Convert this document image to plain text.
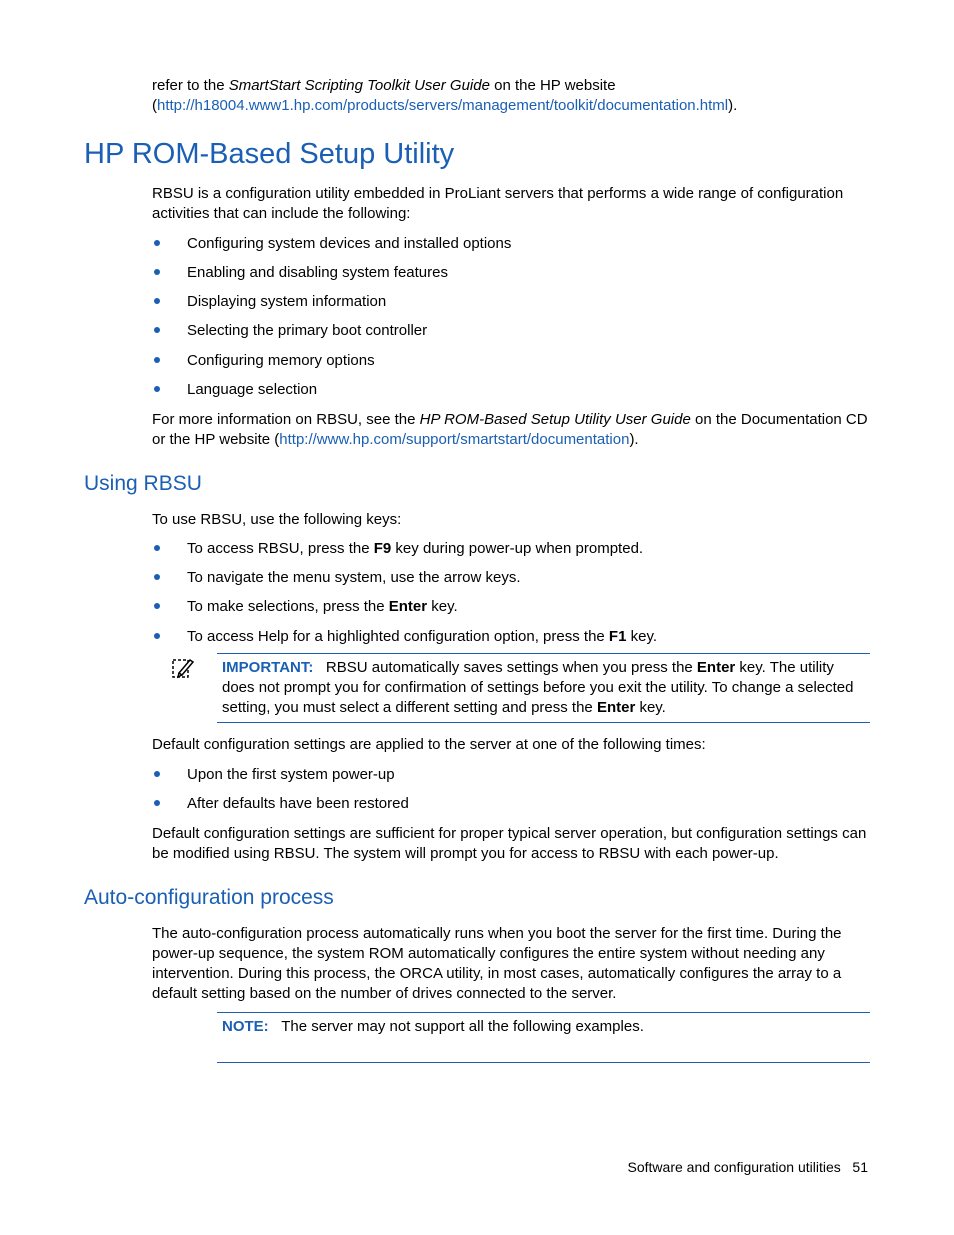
refer to the SmartStart Scripting Toolkit User Guide on the HP website
(http://h18004.www1.hp.com/products/servers/management/toolkit/documentation.html).
HP ROM-Based Setup Utility
RBSU is a configuration utility embedded in ProLiant servers that performs a wide range of configuration activities that can include the following:
Configuring system devices and installed options
Enabling and disabling system features
Displaying system information
Selecting the primary boot controller
Configuring memory options
Language selection
For more information on RBSU, see the HP ROM-Based Setup Utility User Guide on the Documentation CD or the HP website (http://www.hp.com/support/smartstart/documentation).
Using RBSU
To use RBSU, use the following keys:
To access RBSU, press the F9 key during power-up when prompted.
To navigate the menu system, use the arrow keys.
To make selections, press the Enter key.
To access Help for a highlighted configuration option, press the F1 key.
IMPORTANT: RBSU automatically saves settings when you press the Enter key. The utility does not prompt you for confirmation of settings before you exit the utility. To change a selected setting, you must select a different setting and press the Enter key.
Default configuration settings are applied to the server at one of the following times:
Upon the first system power-up
After defaults have been restored
Default configuration settings are sufficient for proper typical server operation, but configuration settings can be modified using RBSU. The system will prompt you for access to RBSU with each power-up.
Auto-configuration process
The auto-configuration process automatically runs when you boot the server for the first time. During the power-up sequence, the system ROM automatically configures the entire system without needing any intervention. During this process, the ORCA utility, in most cases, automatically configures the array to a default setting based on the number of drives connected to the server.
NOTE: The server may not support all the following examples.
Software and configuration utilities 51
